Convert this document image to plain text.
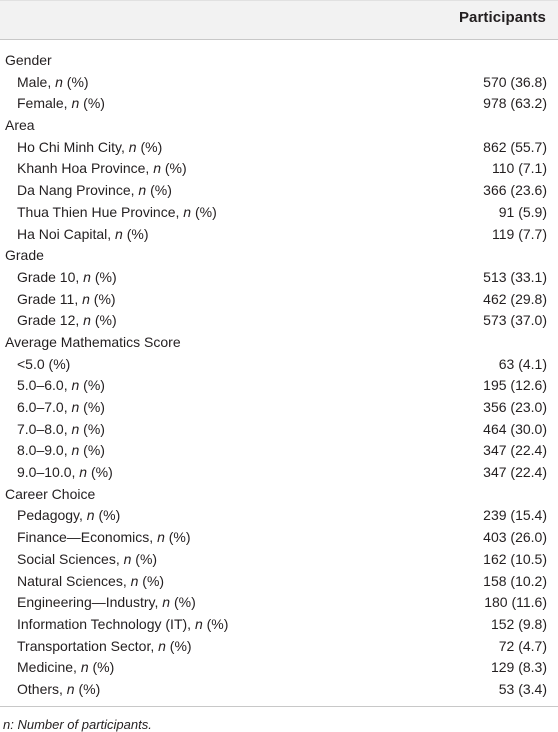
Participants
Gender
Male, n (%)	570 (36.8)
Female, n (%)	978 (63.2)
Area
Ho Chi Minh City, n (%)	862 (55.7)
Khanh Hoa Province, n (%)	110 (7.1)
Da Nang Province, n (%)	366 (23.6)
Thua Thien Hue Province, n (%)	91 (5.9)
Ha Noi Capital, n (%)	119 (7.7)
Grade
Grade 10, n (%)	513 (33.1)
Grade 11, n (%)	462 (29.8)
Grade 12, n (%)	573 (37.0)
Average Mathematics Score
<5.0 (%)	63 (4.1)
5.0–6.0, n (%)	195 (12.6)
6.0–7.0, n (%)	356 (23.0)
7.0–8.0, n (%)	464 (30.0)
8.0–9.0, n (%)	347 (22.4)
9.0–10.0, n (%)	347 (22.4)
Career Choice
Pedagogy, n (%)	239 (15.4)
Finance—Economics, n (%)	403 (26.0)
Social Sciences, n (%)	162 (10.5)
Natural Sciences, n (%)	158 (10.2)
Engineering—Industry, n (%)	180 (11.6)
Information Technology (IT), n (%)	152 (9.8)
Transportation Sector, n (%)	72 (4.7)
Medicine, n (%)	129 (8.3)
Others, n (%)	53 (3.4)
n: Number of participants.
